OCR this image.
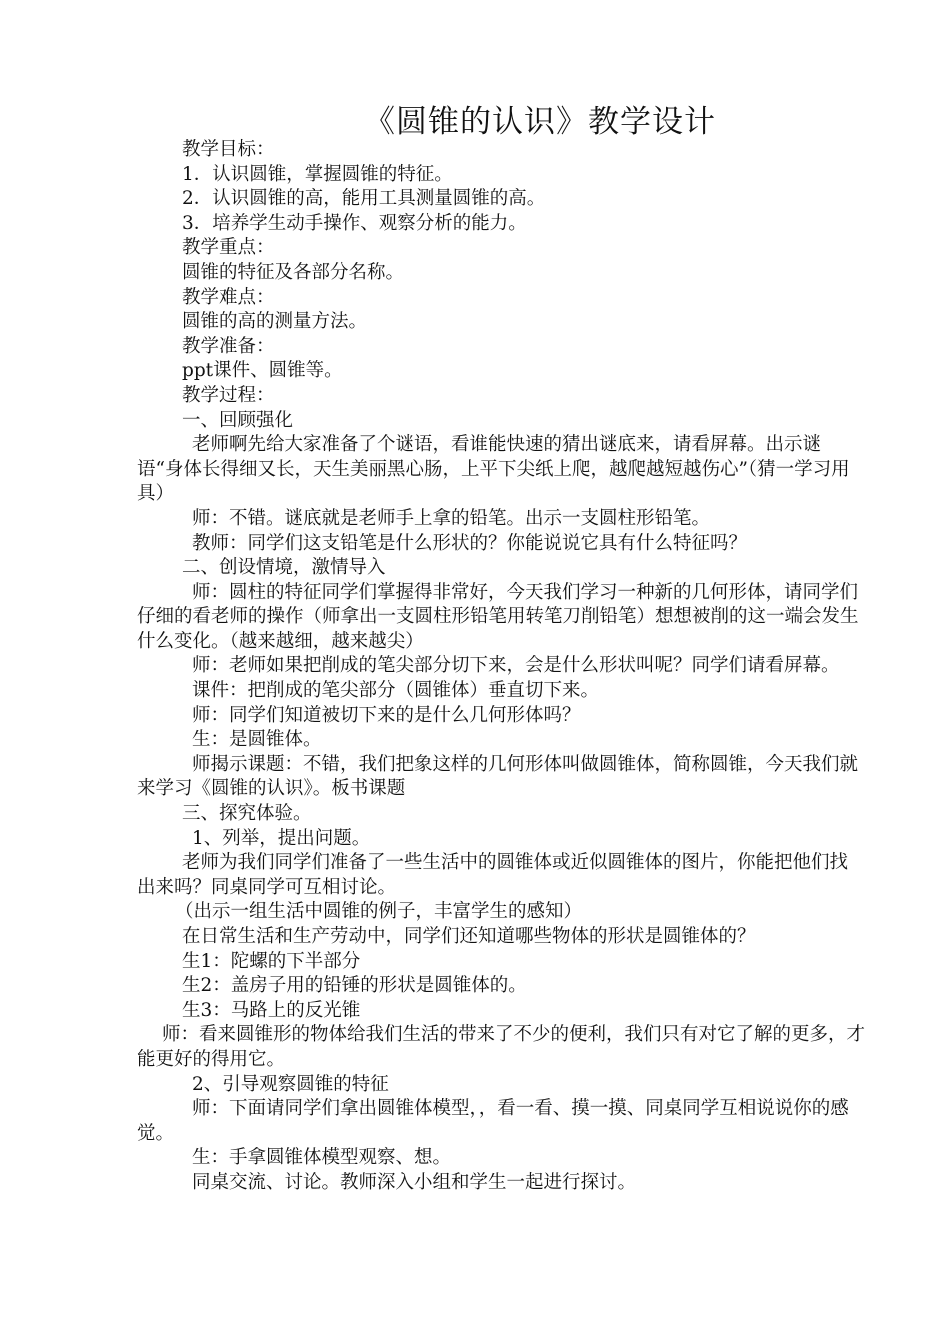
《圆锥的认识》教学设计

教学目标：

1．认识圆锥，掌握圆锥的特征。

2．认识圆锥的高，能用工具测量圆锥的高。

3．培养学生动手操作、观察分析的能力。

教学重点：

圆锥的特征及各部分名称。

教学难点：

圆锥的高的测量方法。

教学准备：

ppt课件、圆锥等。

教学过程：

一、回顾强化

老师啊先给大家准备了个谜语，看谁能快速的猜出谜底来，请看屏幕。出示谜语“身体长得细又长，天生美丽黑心肠，上平下尖纸上爬，越爬越短越伤心”（猜一学习用具）

师：不错。谜底就是老师手上拿的铅笔。出示一支圆柱形铅笔。

教师：同学们这支铅笔是什么形状的？你能说说它具有什么特征吗？

二、创设情境，激情导入

师：圆柱的特征同学们掌握得非常好，今天我们学习一种新的几何形体，请同学们仔细的看老师的操作（师拿出一支圆柱形铅笔用转笔刀削铅笔）想想被削的这一端会发生什么变化。（越来越细，越来越尖）

师：老师如果把削成的笔尖部分切下来，会是什么形状叫呢？同学们请看屏幕。

课件：把削成的笔尖部分（圆锥体）垂直切下来。

师：同学们知道被切下来的是什么几何形体吗？

生：是圆锥体。

师揭示课题：不错，我们把象这样的几何形体叫做圆锥体，简称圆锥，今天我们就来学习《圆锥的认识》。板书课题

三、探究体验。

1、列举，提出问题。

老师为我们同学们准备了一些生活中的圆锥体或近似圆锥体的图片，你能把他们找出来吗？同桌同学可互相讨论。

（出示一组生活中圆锥的例子，丰富学生的感知）

在日常生活和生产劳动中，同学们还知道哪些物体的形状是圆锥体的？

生1：陀螺的下半部分

生2：盖房子用的铅锤的形状是圆锥体的。

生3：马路上的反光锥

师：看来圆锥形的物体给我们生活的带来了不少的便利，我们只有对它了解的更多，才能更好的得用它。

2、引导观察圆锥的特征

师：下面请同学们拿出圆锥体模型，，看一看、摸一摸、同桌同学互相说说你的感觉。

生：手拿圆锥体模型观察、想。

同桌交流、讨论。教师深入小组和学生一起进行探讨。
